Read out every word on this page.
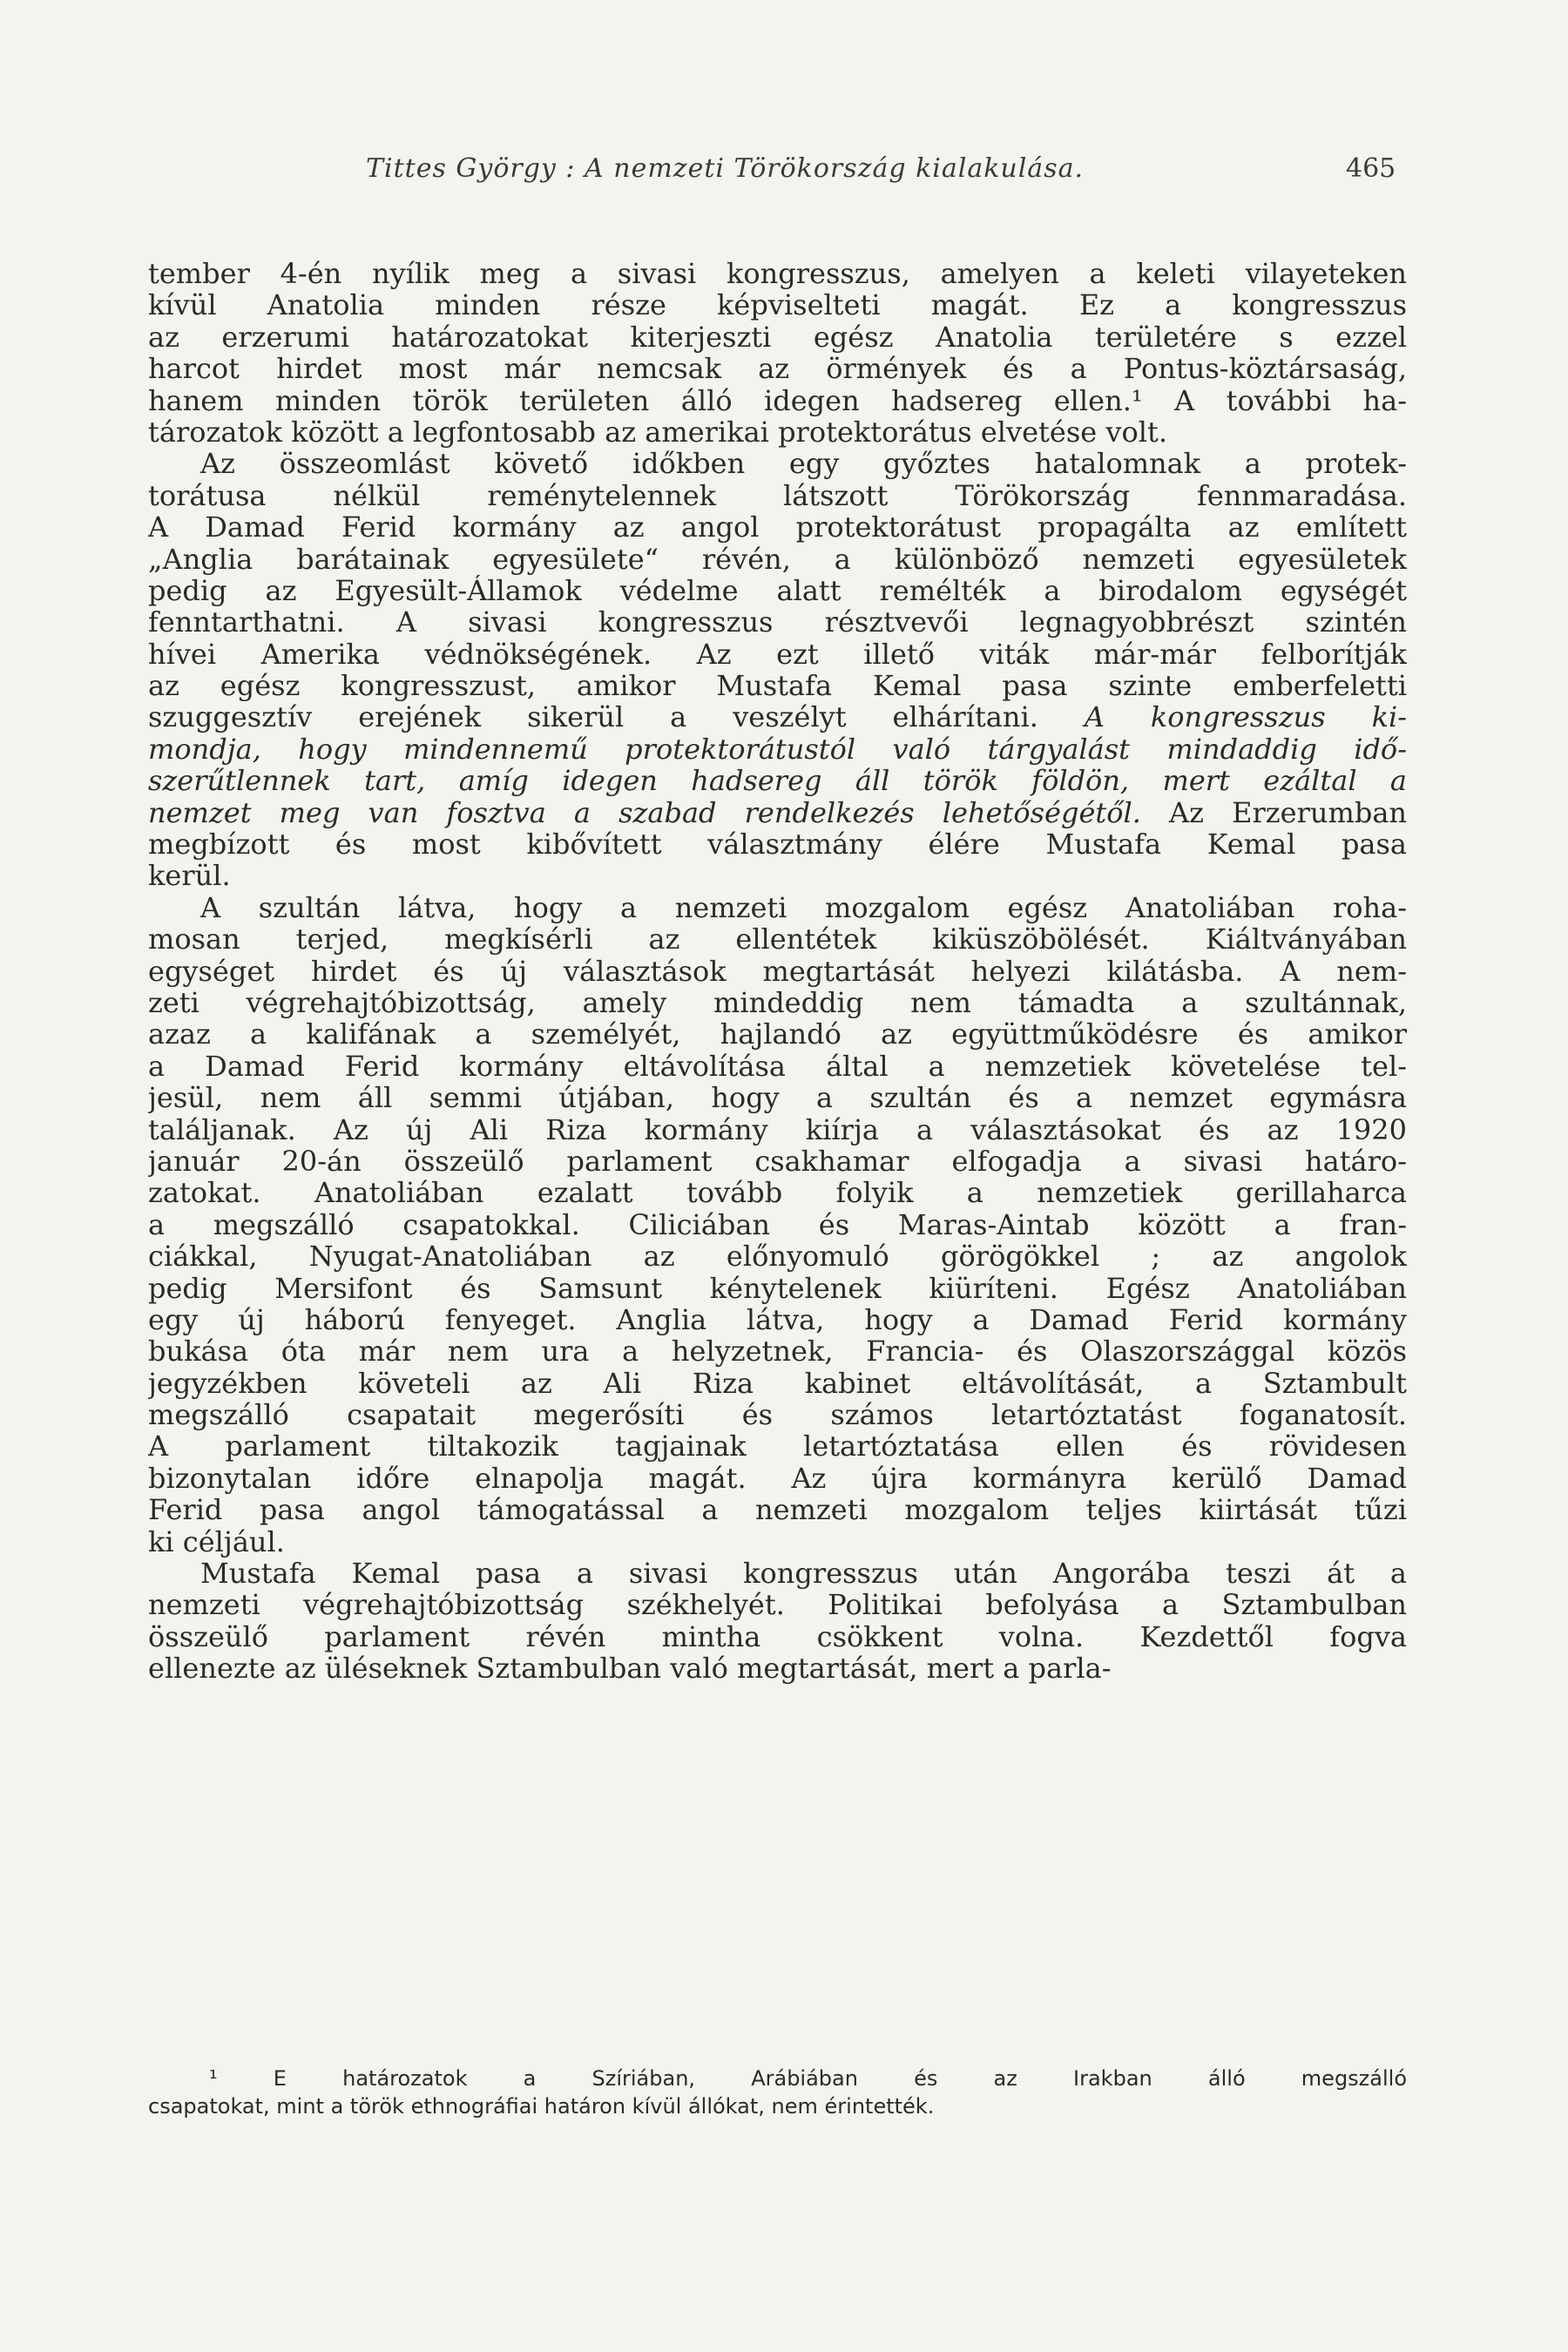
Tittes György : A nemzeti Törökország kialakulása.	465
tember 4-én nyílik meg a sivasi kongresszus, amelyen a keleti vilayeteken
kívül Anatolia minden része képviselteti magát. Ez a kongresszus
az erzerumi határozatokat kiterjeszti egész Anatolia területére s ezzel
harcot hirdet most már nemcsak az örmények és a Pontus-köztársaság,
hanem minden török területen álló idegen hadsereg ellen.¹ A további ha-
tározatok között a legfontosabb az amerikai protektorátus elvetése volt.
Az összeomlást követő időkben egy győztes hatalomnak a protek-
torátusa nélkül reménytelennek látszott Törökország fennmaradása.
A Damad Ferid kormány az angol protektorátust propagálta az említett
„Anglia barátainak egyesülete“ révén, a különböző nemzeti egyesületek
pedig az Egyesült-Államok védelme alatt remélték a birodalom egységét
fenntarthatni. A sivasi kongresszus résztvevői legnagyobbrészt szintén
hívei Amerika védnökségének. Az ezt illető viták már-már felborítják
az egész kongresszust, amikor Mustafa Kemal pasa szinte emberfeletti
szuggesztív erejének sikerül a veszélyt elhárítani. A kongresszus ki-
mondja, hogy mindennemű protektorátustól való tárgyalást mindaddig idő-
szerűtlennek tart, amíg idegen hadsereg áll török földön, mert ezáltal a
nemzet meg van fosztva a szabad rendelkezés lehetőségétől. Az Erzerumban
megbízott és most kibővített választmány élére Mustafa Kemal pasa
kerül.
A szultán látva, hogy a nemzeti mozgalom egész Anatoliában roha-
mosan terjed, megkísérli az ellentétek kiküszöbölését. Kiáltványában
egységet hirdet és új választások megtartását helyezi kilátásba. A nem-
zeti végrehajtóbizottság, amely mindeddig nem támadta a szultánnak,
azaz a kalifának a személyét, hajlandó az együttműködésre és amikor
a Damad Ferid kormány eltávolítása által a nemzetiek követelése tel-
jesül, nem áll semmi útjában, hogy a szultán és a nemzet egymásra
találjanak. Az új Ali Riza kormány kiírja a választásokat és az 1920
január 20-án összeülő parlament csakhamar elfogadja a sivasi határo-
zatokat. Anatoliában ezalatt tovább folyik a nemzetiek gerillaharca
a megszálló csapatokkal. Ciliciában és Maras-Aintab között a fran-
ciákkal, Nyugat-Anatoliában az előnyomuló görögökkel ; az angolok
pedig Mersifont és Samsunt kénytelenek kiüríteni. Egész Anatoliában
egy új háború fenyeget. Anglia látva, hogy a Damad Ferid kormány
bukása óta már nem ura a helyzetnek, Francia- és Olaszországgal közös
jegyzékben követeli az Ali Riza kabinet eltávolítását, a Sztambult
megszálló csapatait megerősíti és számos letartóztatást foganatosít.
A parlament tiltakozik tagjainak letartóztatása ellen és rövidesen
bizonytalan időre elnapolja magát. Az újra kormányra kerülő Damad
Ferid pasa angol támogatással a nemzeti mozgalom teljes kiirtását tűzi
ki céljául.
Mustafa Kemal pasa a sivasi kongresszus után Angorába teszi át a
nemzeti végrehajtóbizottság székhelyét. Politikai befolyása a Sztambulban
összeülő parlament révén mintha csökkent volna. Kezdettől fogva
ellenezte az üléseknek Sztambulban való megtartását, mert a parla-
¹ E határozatok a Szíriában, Arábiában és az Irakban álló megszálló
csapatokat, mint a török ethnográfiai határon kívül állókat, nem érintették.
